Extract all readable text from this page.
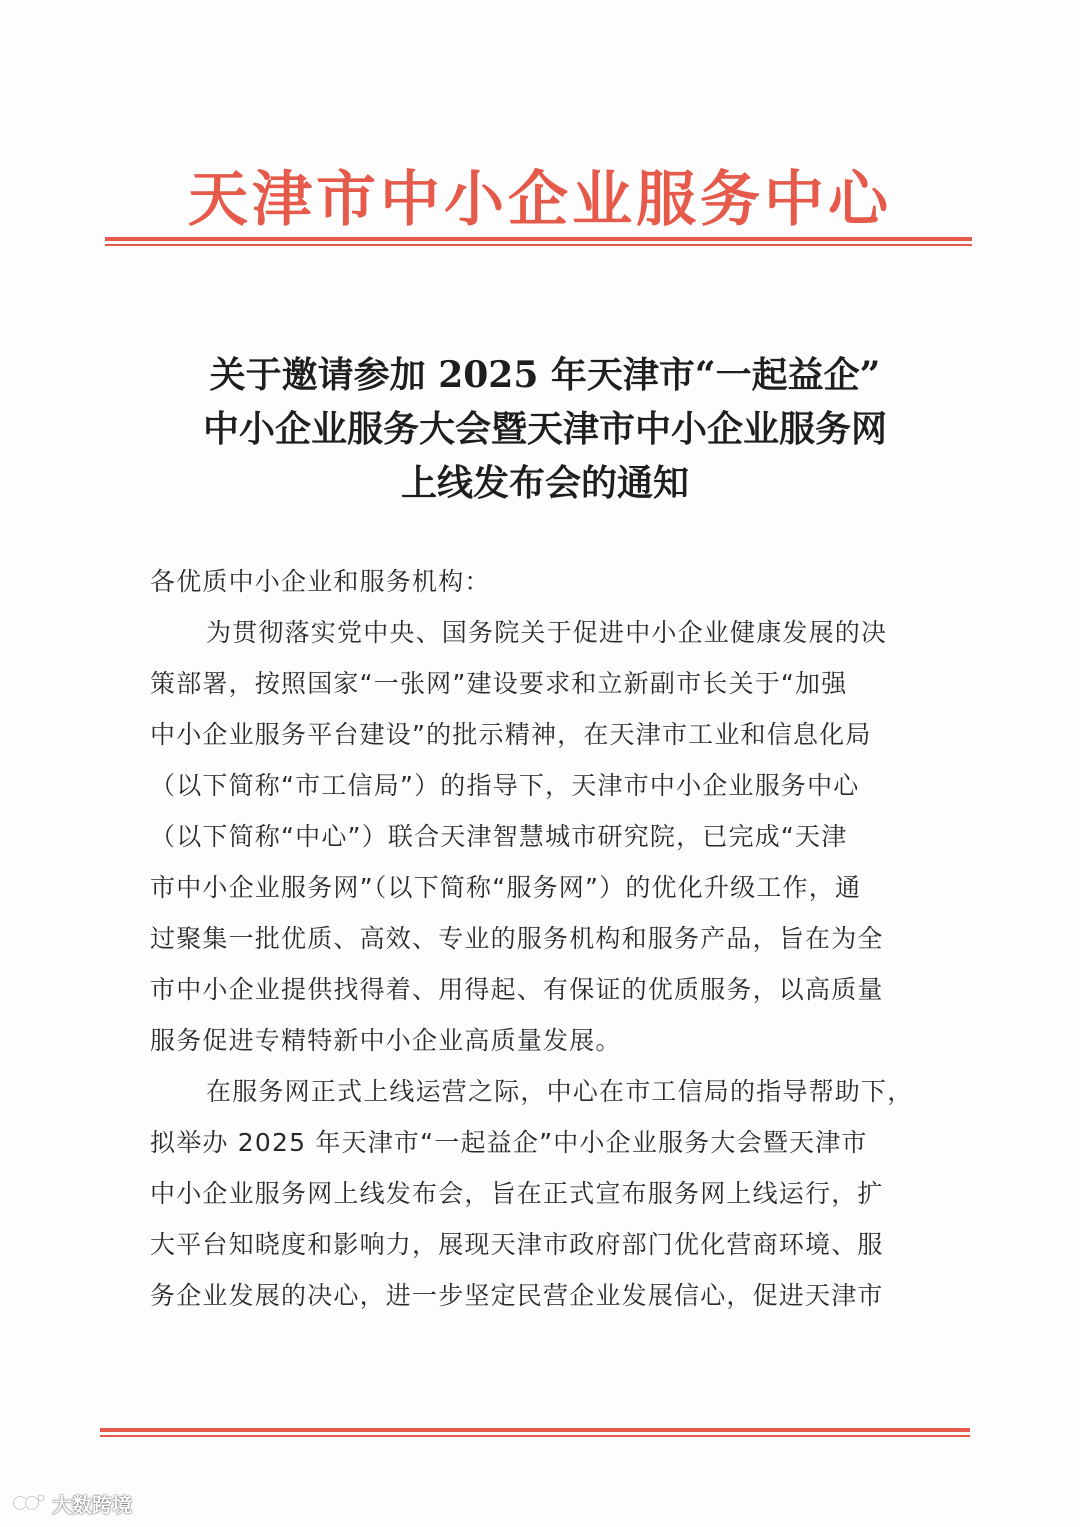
天津市中小企业服务中心
关于邀请参加 2025 年天津市“一起益企”
中小企业服务大会暨天津市中小企业服务网
上线发布会的通知
各优质中小企业和服务机构：
为贯彻落实党中央、国务院关于促进中小企业健康发展的决
策部署，按照国家“一张网”建设要求和立新副市长关于“加强
中小企业服务平台建设”的批示精神，在天津市工业和信息化局
（以下简称“市工信局”）的指导下，天津市中小企业服务中心
（以下简称“中心”）联合天津智慧城市研究院，已完成“天津
市中小企业服务网”（以下简称“服务网”）的优化升级工作，通
过聚集一批优质、高效、专业的服务机构和服务产品，旨在为全
市中小企业提供找得着、用得起、有保证的优质服务，以高质量
服务促进专精特新中小企业高质量发展。
在服务网正式上线运营之际，中心在市工信局的指导帮助下，
拟举办 2025 年天津市“一起益企”中小企业服务大会暨天津市
中小企业服务网上线发布会，旨在正式宣布服务网上线运行，扩
大平台知晓度和影响力，展现天津市政府部门优化营商环境、服
务企业发展的决心，进一步坚定民营企业发展信心，促进天津市
大数跨境
